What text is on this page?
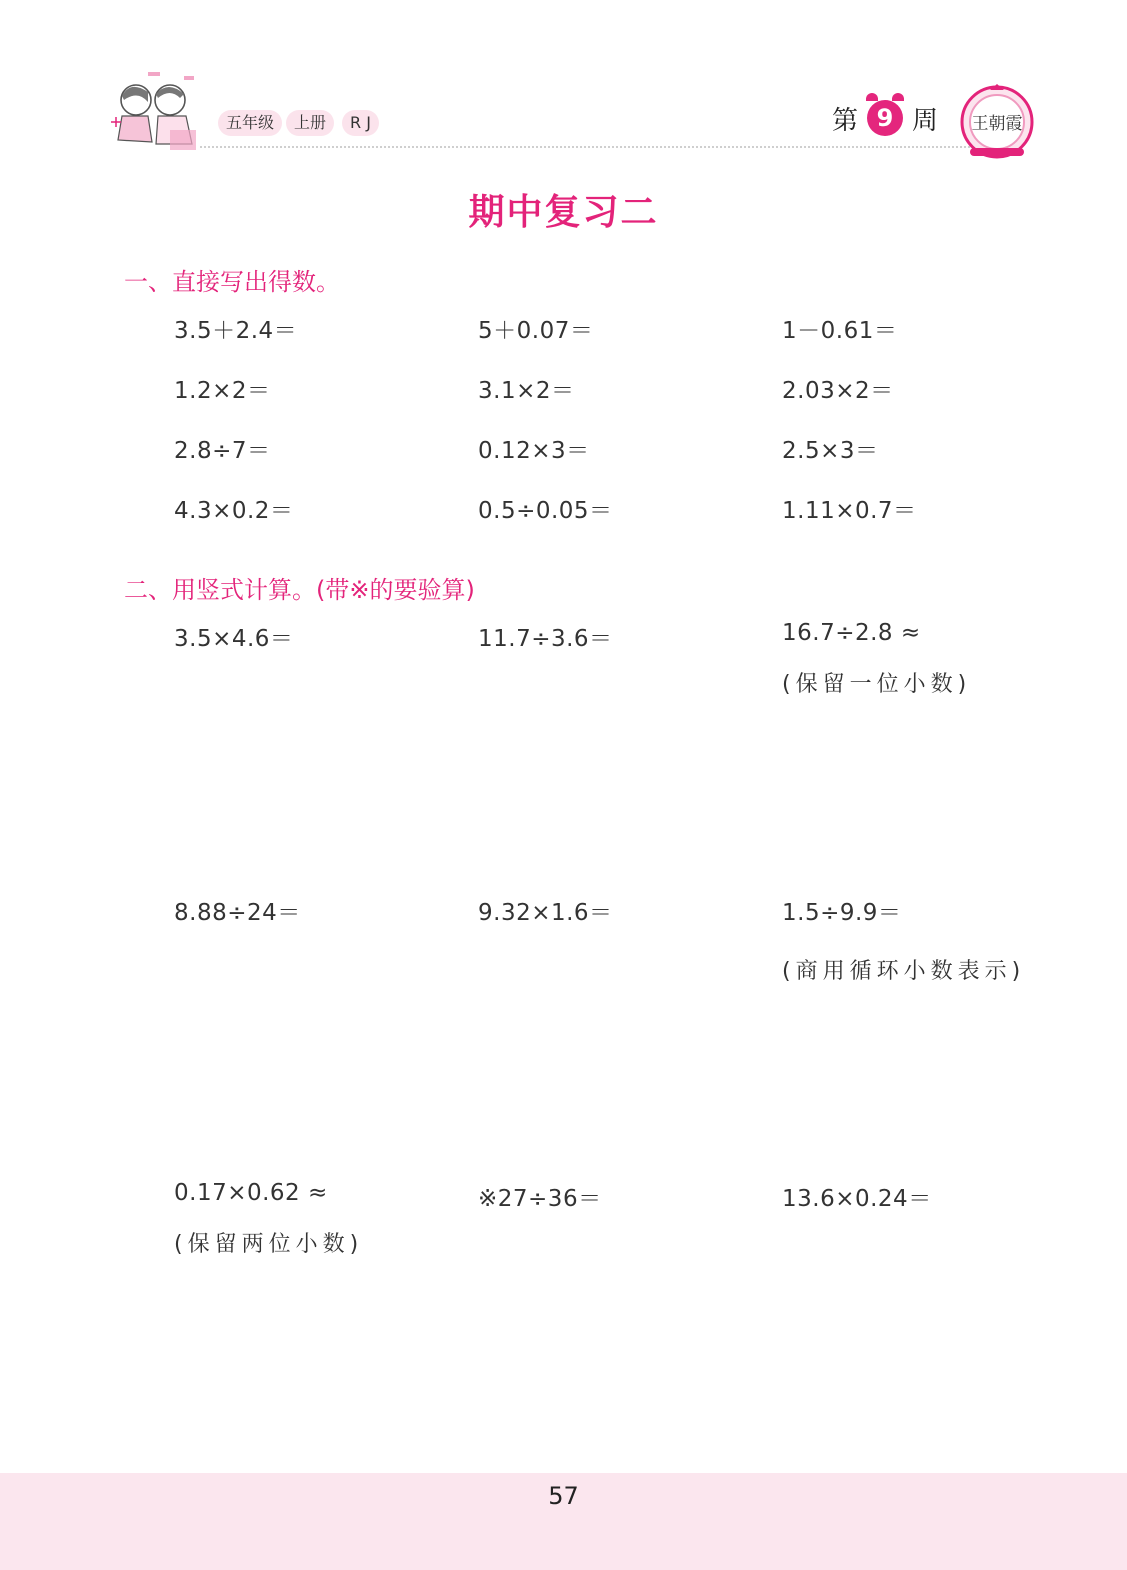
五年级	上册	R J	第 9 周 王朝霞
期中复习二
一、直接写出得数。
3.5＋2.4＝	5＋0.07＝	1－0.61＝
1.2×2＝	3.1×2＝	2.03×2＝
2.8÷7＝	0.12×3＝	2.5×3＝
4.3×0.2＝	0.5÷0.05＝	1.11×0.7＝
二、用竖式计算。(带※的要验算)
3.5×4.6＝	11.7÷3.6＝	16.7÷2.8 ≈
(保留一位小数)
8.88÷24＝	9.32×1.6＝	1.5÷9.9＝
(商用循环小数表示)
0.17×0.62 ≈	※27÷36＝	13.6×0.24＝
(保留两位小数)
57
